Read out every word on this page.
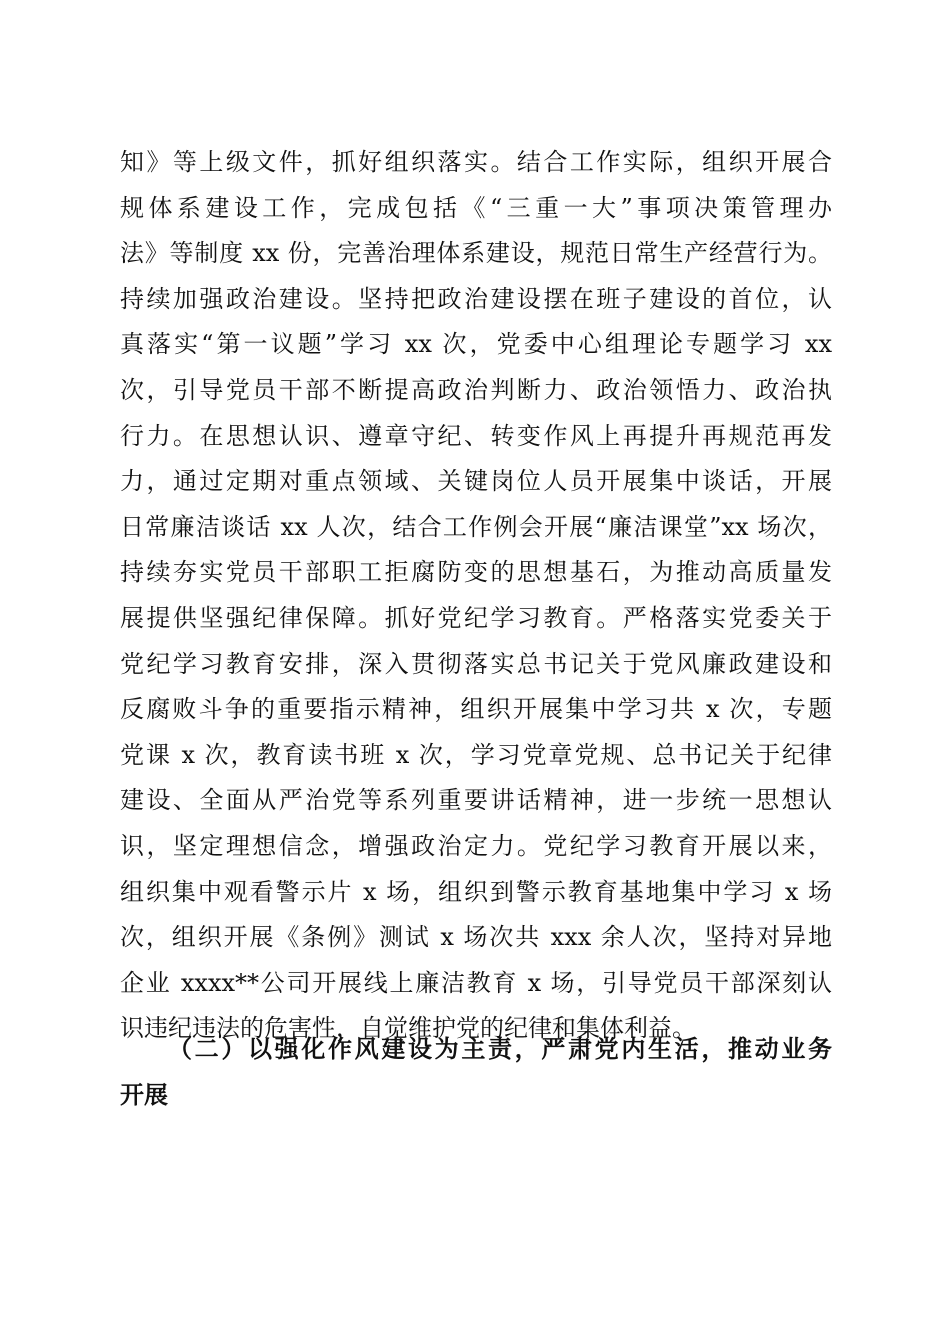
知》等上级文件，抓好组织落实。结合工作实际，组织开展合
规体系建设工作，完成包括《“三重一大”事项决策管理办
法》等制度 xx 份，完善治理体系建设，规范日常生产经营行为。
持续加强政治建设。坚持把政治建设摆在班子建设的首位，认
真落实“第一议题”学习 xx 次，党委中心组理论专题学习 xx
次，引导党员干部不断提高政治判断力、政治领悟力、政治执
行力。在思想认识、遵章守纪、转变作风上再提升再规范再发
力，通过定期对重点领域、关键岗位人员开展集中谈话，开展
日常廉洁谈话 xx 人次，结合工作例会开展“廉洁课堂”xx 场次，
持续夯实党员干部职工拒腐防变的思想基石，为推动高质量发
展提供坚强纪律保障。抓好党纪学习教育。严格落实党委关于
党纪学习教育安排，深入贯彻落实总书记关于党风廉政建设和
反腐败斗争的重要指示精神，组织开展集中学习共 x 次，专题
党课 x 次，教育读书班 x 次，学习党章党规、总书记关于纪律
建设、全面从严治党等系列重要讲话精神，进一步统一思想认
识，坚定理想信念，增强政治定力。党纪学习教育开展以来，
组织集中观看警示片 x 场，组织到警示教育基地集中学习 x 场
次，组织开展《条例》测试 x 场次共 xxx 余人次，坚持对异地
企业 xxxx**公司开展线上廉洁教育 x 场，引导党员干部深刻认
识违纪违法的危害性，自觉维护党的纪律和集体利益。
（二）以强化作风建设为主责，严肃党内生活，推动业务
开展
